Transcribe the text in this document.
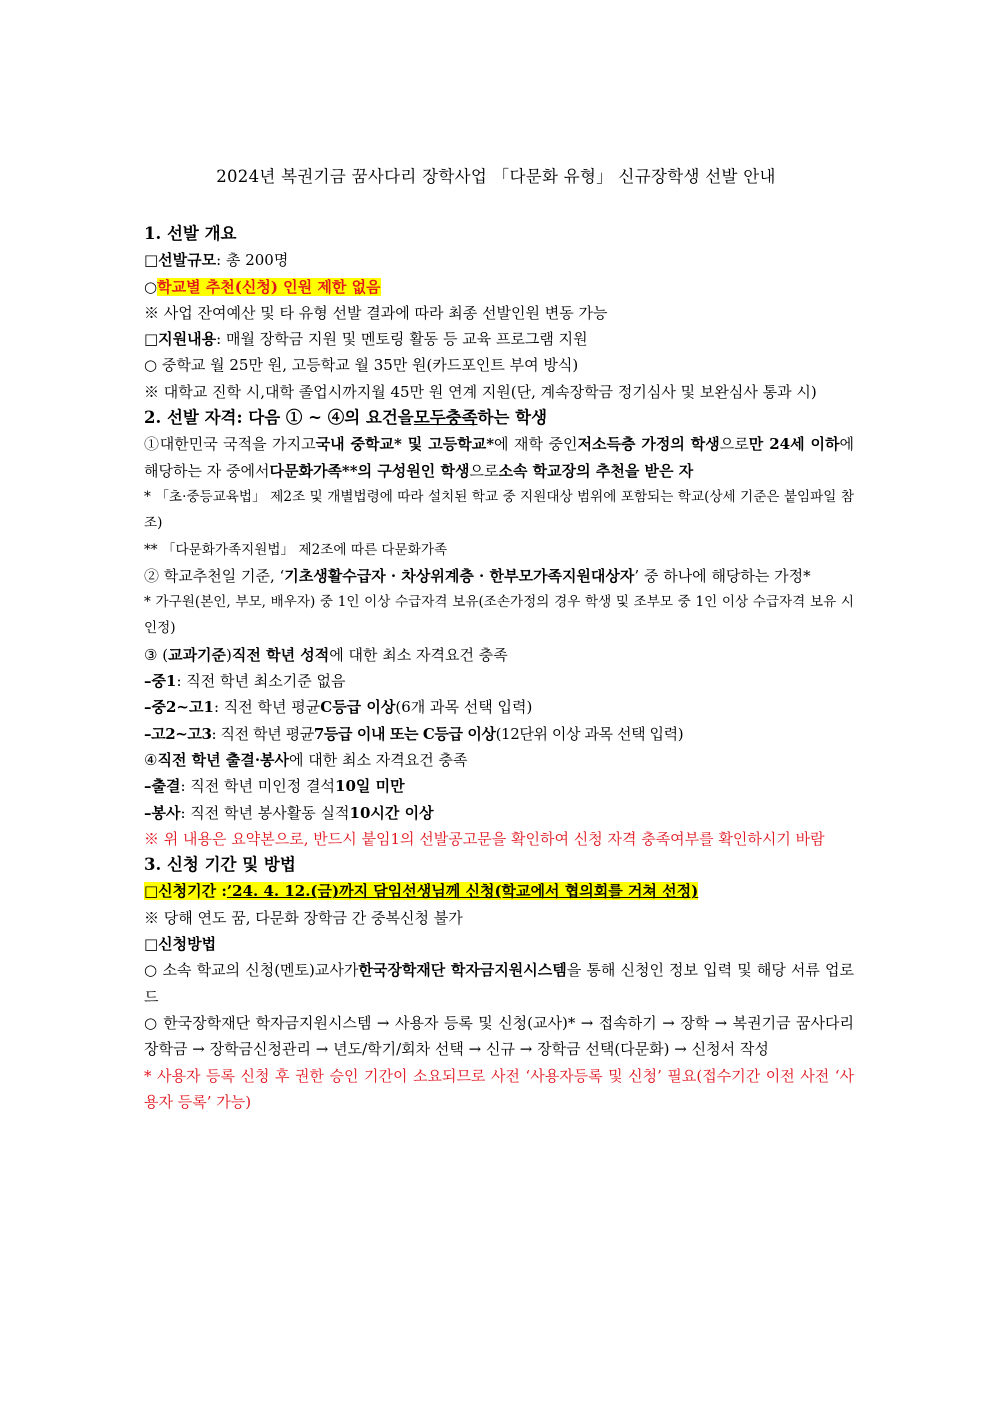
2024년 복권기금 꿈사다리 장학사업 「다문화 유형」 신규장학생 선발 안내

1. 선발 개요

□선발규모: 총 200명

○학교별 추천(신청) 인원 제한 없음

※ 사업 잔여예산 및 타 유형 선발 결과에 따라 최종 선발인원 변동 가능

□지원내용: 매월 장학금 지원 및 멘토링 활동 등 교육 프로그램 지원

○ 중학교 월 25만 원, 고등학교 월 35만 원(카드포인트 부여 방식)

※ 대학교 진학 시,대학 졸업시까지월 45만 원 연계 지원(단, 계속장학금 정기심사 및 보완심사 통과 시)

2. 선발 자격: 다음 ① ~ ④의 요건을모두충족하는 학생

①대한민국 국적을 가지고국내 중학교* 및 고등학교*에 재학 중인저소득층 가정의 학생으로만 24세 이하에 해당하는 자 중에서다문화가족**의 구성원인 학생으로소속 학교장의 추천을 받은 자

* 「초·중등교육법」 제2조 및 개별법령에 따라 설치된 학교 중 지원대상 범위에 포함되는 학교(상세 기준은 붙임파일 참조)

** 「다문화가족지원법」 제2조에 따른 다문화가족

② 학교추천일 기준, ‘기초생활수급자 · 차상위계층 · 한부모가족지원대상자’ 중 하나에 해당하는 가정*

* 가구원(본인, 부모, 배우자) 중 1인 이상 수급자격 보유(조손가정의 경우 학생 및 조부모 중 1인 이상 수급자격 보유 시 인정)

③ (교과기준)직전 학년 성적에 대한 최소 자격요건 충족

–중1: 직전 학년 최소기준 없음

–중2~고1: 직전 학년 평균C등급 이상(6개 과목 선택 입력)

–고2~고3: 직전 학년 평균7등급 이내 또는 C등급 이상(12단위 이상 과목 선택 입력)

④직전 학년 출결·봉사에 대한 최소 자격요건 충족

–출결: 직전 학년 미인정 결석10일 미만

–봉사: 직전 학년 봉사활동 실적10시간 이상

※ 위 내용은 요약본으로, 반드시 붙임1의 선발공고문을 확인하여 신청 자격 충족여부를 확인하시기 바람

3. 신청 기간 및 방법

□신청기간 :’24. 4. 12.(금)까지 담임선생님께 신청(학교에서 협의회를 거쳐 선정)

※ 당해 연도 꿈, 다문화 장학금 간 중복신청 불가

□신청방법

○ 소속 학교의 신청(멘토)교사가한국장학재단 학자금지원시스템을 통해 신청인 정보 입력 및 해당 서류 업로드

○ 한국장학재단 학자금지원시스템 → 사용자 등록 및 신청(교사)* → 접속하기 → 장학 → 복권기금 꿈사다리 장학금 → 장학금신청관리 → 년도/학기/회차 선택 → 신규 → 장학금 선택(다문화) → 신청서 작성

* 사용자 등록 신청 후 권한 승인 기간이 소요되므로 사전 ‘사용자등록 및 신청’ 필요(접수기간 이전 사전 ‘사용자 등록’ 가능)
